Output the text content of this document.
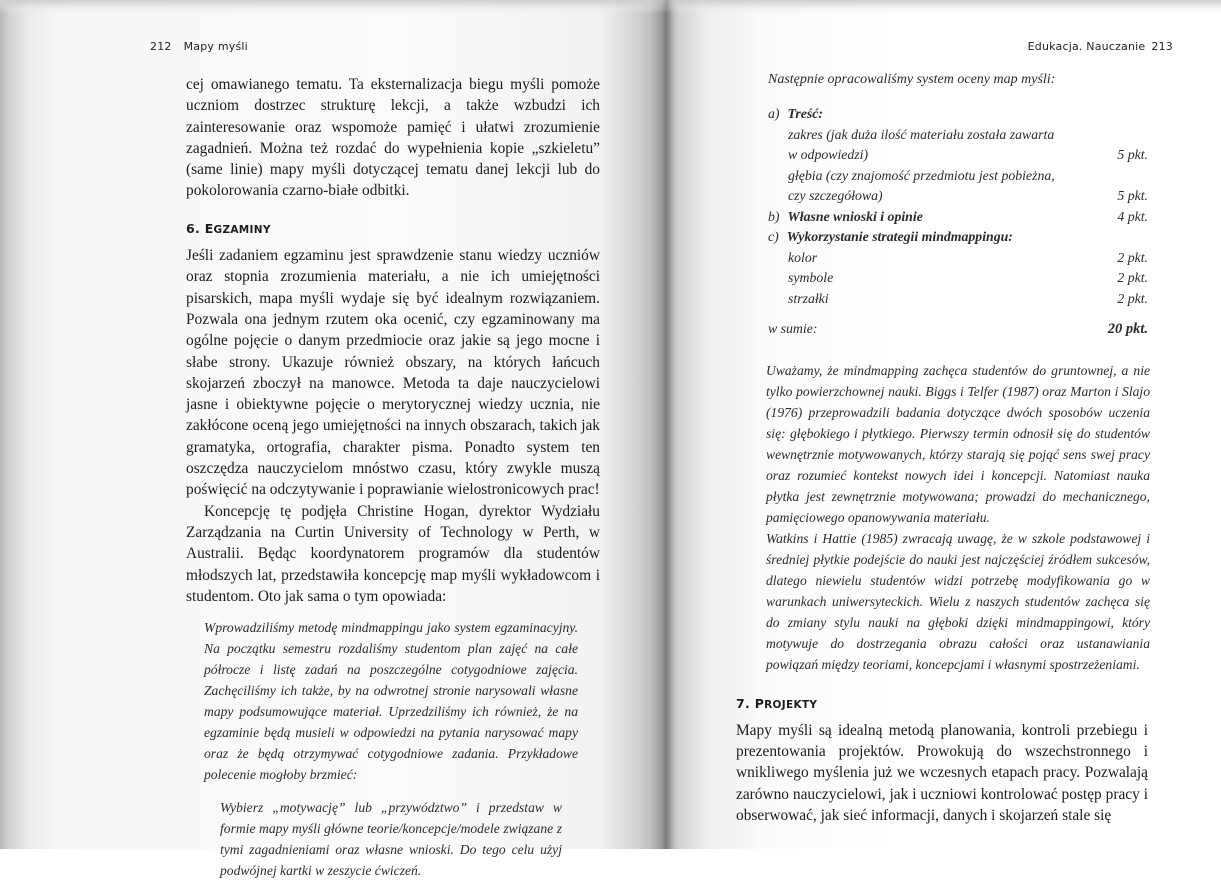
212 Mapy myśli

cej omawianego tematu. Ta eksternalizacja biegu myśli pomoże uczniom dostrzec strukturę lekcji, a także wzbudzi ich zainteresowanie oraz wspomoże pamięć i ułatwi zrozumienie zagadnień. Można też rozdać do wypełnienia kopie „szkieletu” (same linie) mapy myśli dotyczącej tematu danej lekcji lub do pokolorowania czarno-białe odbitki.

6. EGZAMINY

Jeśli zadaniem egzaminu jest sprawdzenie stanu wiedzy uczniów oraz stopnia zrozumienia materiału, a nie ich umiejętności pisarskich, mapa myśli wydaje się być idealnym rozwiązaniem. Pozwala ona jednym rzutem oka ocenić, czy egzaminowany ma ogólne pojęcie o danym przedmiocie oraz jakie są jego mocne i słabe strony. Ukazuje również obszary, na których łańcuch skojarzeń zboczył na manowce. Metoda ta daje nauczycielowi jasne i obiektywne pojęcie o merytorycznej wiedzy ucznia, nie zakłócone oceną jego umiejętności na innych obszarach, takich jak gramatyka, ortografia, charakter pisma. Ponadto system ten oszczędza nauczycielom mnóstwo czasu, który zwykle muszą poświęcić na odczytywanie i poprawianie wielostronicowych prac!

Koncepcję tę podjęła Christine Hogan, dyrektor Wydziału Zarządzania na Curtin University of Technology w Perth, w Australii. Będąc koordynatorem programów dla studentów młodszych lat, przedstawiła koncepcję map myśli wykładowcom i studentom. Oto jak sama o tym opowiada:

Wprowadziliśmy metodę mindmappingu jako system egzaminacyjny. Na początku semestru rozdaliśmy studentom plan zajęć na całe półrocze i listę zadań na poszczególne cotygodniowe zajęcia. Zachęciliśmy ich także, by na odwrotnej stronie narysowali własne mapy podsumowujące materiał. Uprzedziliśmy ich również, że na egzaminie będą musieli w odpowiedzi na pytania narysować mapy oraz że będą otrzymywać cotygodniowe zadania. Przykładowe polecenie mogłoby brzmieć:

Wybierz „motywację” lub „przywództwo” i przedstaw w formie mapy myśli główne teorie/koncepcje/modele związane z tymi zagadnieniami oraz własne wnioski. Do tego celu użyj podwójnej kartki w zeszycie ćwiczeń.

Edukacja. Nauczanie 213
Następnie opracowaliśmy system oceny map myśli:
a) Treść:
zakres (jak duża ilość materiału została zawarta
w odpowiedzi)	5 pkt.
głębia (czy znajomość przedmiotu jest pobieżna,
czy szczegółowa)	5 pkt.
b) Własne wnioski i opinie	4 pkt.
c) Wykorzystanie strategii mindmappingu:
kolor	2 pkt.
symbole	2 pkt.
strzałki	2 pkt.
w sumie:	20 pkt.

Uważamy, że mindmapping zachęca studentów do gruntownej, a nie tylko powierzchownej nauki. Biggs i Telfer (1987) oraz Marton i Slajo (1976) przeprowadzili badania dotyczące dwóch sposobów uczenia się: głębokiego i płytkiego. Pierwszy termin odnosił się do studentów wewnętrznie motywowanych, którzy starają się pojąć sens swej pracy oraz rozumieć kontekst nowych idei i koncepcji. Natomiast nauka płytka jest zewnętrznie motywowana; prowadzi do mechanicznego, pamięciowego opanowywania materiału.

Watkins i Hattie (1985) zwracają uwagę, że w szkole podstawowej i średniej płytkie podejście do nauki jest najczęściej źródłem sukcesów, dlatego niewielu studentów widzi potrzebę modyfikowania go w warunkach uniwersyteckich. Wielu z naszych studentów zachęca się do zmiany stylu nauki na głęboki dzięki mindmappingowi, który motywuje do dostrzegania obrazu całości oraz ustanawiania powiązań między teoriami, koncepcjami i własnymi spostrzeżeniami.

7. PROJEKTY

Mapy myśli są idealną metodą planowania, kontroli przebiegu i prezentowania projektów. Prowokują do wszechstronnego i wnikliwego myślenia już we wczesnych etapach pracy. Pozwalają zarówno nauczycielowi, jak i uczniowi kontrolować postęp pracy i obserwować, jak sieć informacji, danych i skojarzeń stale się
